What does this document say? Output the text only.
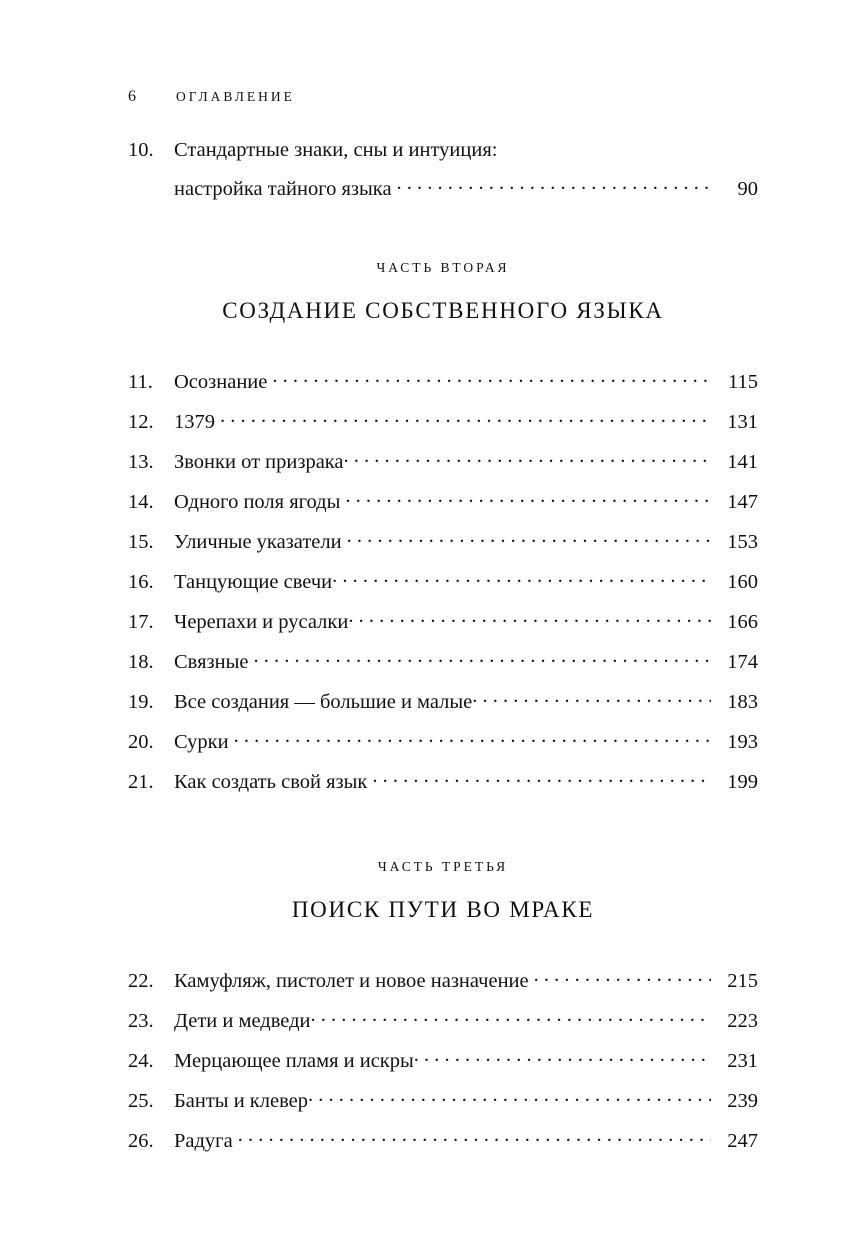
6	ОГЛАВЛЕНИЕ
10. Стандартные знаки, сны и интуиция:
настройка тайного языка . . .	90
ЧАСТЬ ВТОРАЯ
СОЗДАНИЕ СОБСТВЕННОГО ЯЗЫКА
11.	Осознание . . .	115
12. 1379 . . .	131
13. Звонки от призрака . . .	141
14. Одного поля ягоды . . .	147
15. Уличные указатели . . .	153
16. Танцующие свечи . . .	160
17. Черепахи и русалки . . .	166
18. Связные . . .	174
19. Все создания — большие и малые . . .	183
20. Сурки . . .	193
21. Как создать свой язык . . .	199
ЧАСТЬ ТРЕТЬЯ
ПОИСК ПУТИ ВО МРАКЕ
22. Камуфляж, пистолет и новое назначение . . .	215
23. Дети и медведи . . .	223
24. Мерцающее пламя и искры . . .	231
25. Банты и клевер . . .	239
26. Радуга . . .	247
